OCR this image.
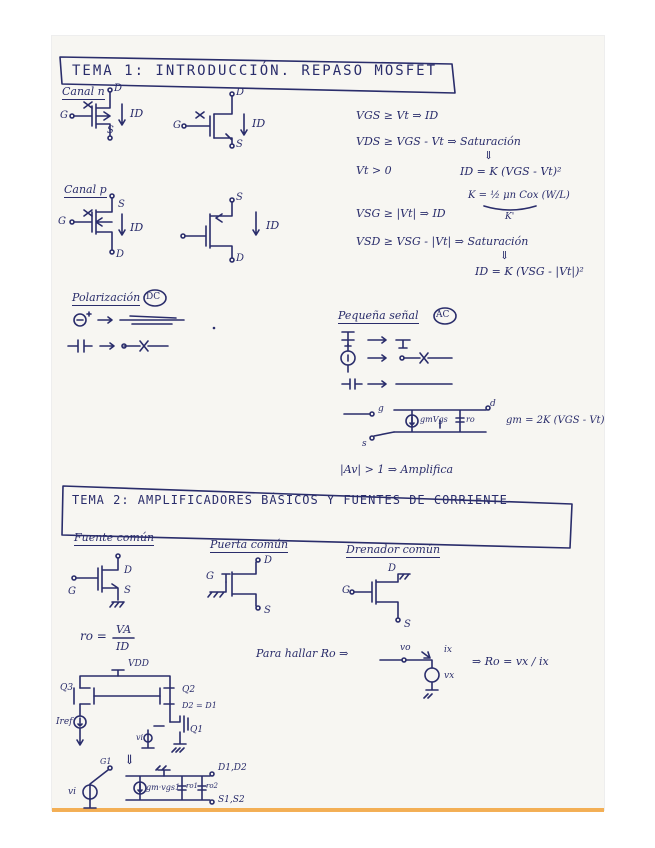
TEMA 1: INTRODUCCIÓN. REPASO MOSFET
Canal n
G
D
S
ID
G
D
S
ID
VGS ≥ Vt ⇒ ID
VDS ≥ VGS - Vt ⇒ Saturación
⇓
Vt > 0	ID = K (VGS - Vt)²
K = ½ μn Cox (W/L)
K'
Canal p
G
S
D
ID
S
D
ID
VSG ≥ |Vt| ⇒ ID
VSD ≥ VSG - |Vt| ⇒ Saturación
⇓
ID = K (VSG - |Vt|)²
Polarización DC
Pequeña señal AC
g	d
s
gmVgs ro	gm = 2K (VGS - Vt)
|Av| > 1 ⇒ Amplifica
TEMA 2: AMPLIFICADORES BÁSICOS Y FUENTES DE CORRIENTE
Fuente común
Puerta común	Drenador común
G
D
S
G
D
S
G
D
S
ro = VA
ID
Para hallar Ro ⇒	vo	ix
vx
⇒ Ro = vx / ix
VDD
Q3	Q2
D2 = D1
Iref
Q1
vi
⇓
G1
vi	gm·vgs1 ro1 ro2
D1,D2
S1,S2
